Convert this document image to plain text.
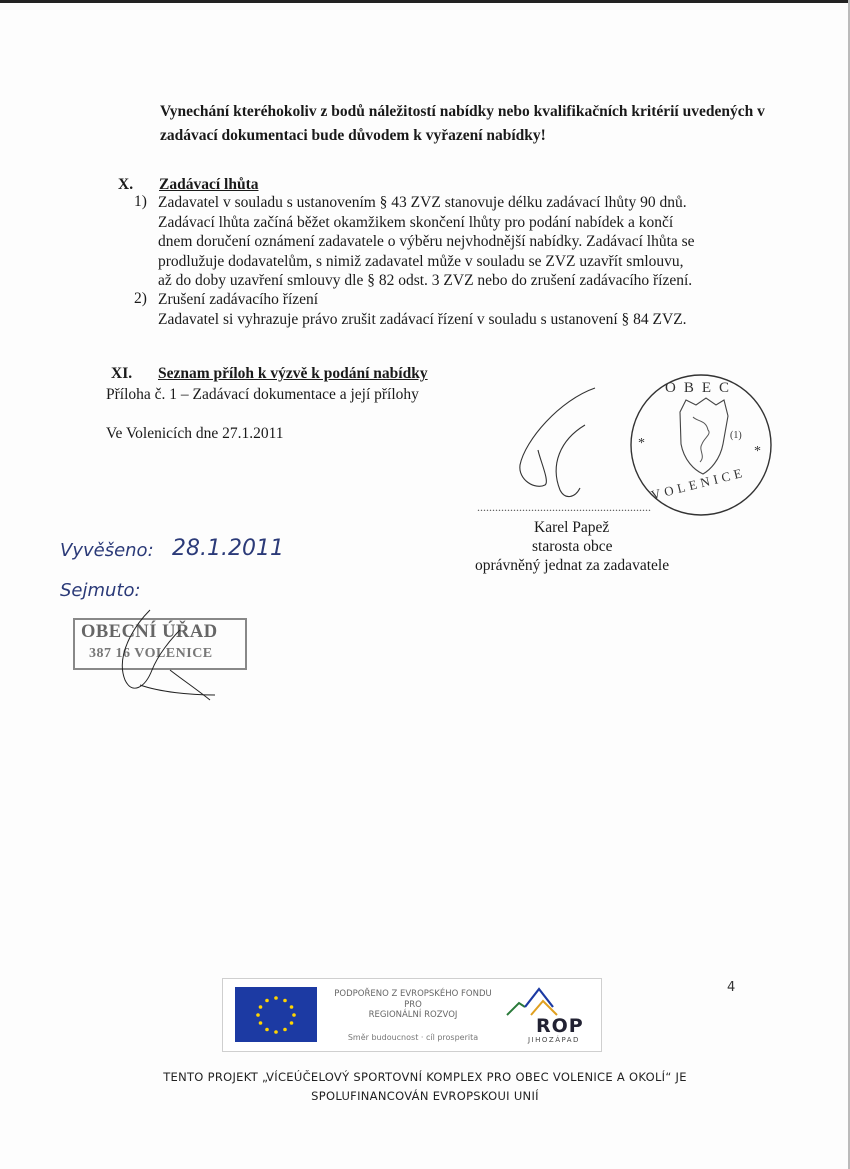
Vynechání kteréhokoliv z bodů náležitostí nabídky nebo kvalifikačních kritérií uvedených v zadávací dokumentaci bude důvodem k vyřazení nabídky!
X. Zadávací lhůta
1) Zadavatel v souladu s ustanovením § 43 ZVZ stanovuje délku zadávací lhůty 90 dnů.
Zadávací lhůta začíná běžet okamžikem skončení lhůty pro podání nabídek a končí
dnem doručení oznámení zadavatele o výběru nejvhodnější nabídky. Zadávací lhůta se
prodlužuje dodavatelům, s nimiž zadavatel může v souladu se ZVZ uzavřít smlouvu,
až do doby uzavření smlouvy dle § 82 odst. 3 ZVZ nebo do zrušení zadávacího řízení.
2) Zrušení zadávacího řízení
Zadavatel si vyhrazuje právo zrušit zadávací řízení v souladu s ustanovení § 84 ZVZ.
XI. Seznam příloh k výzvě k podání nabídky
Příloha č. 1 – Zadávací dokumentace a její přílohy
Ve Volenicích dne 27.1.2011
*
*
OBEC
VOLENICE
(1)
..........................................................
Karel Papež
starosta obce
oprávněný jednat za zadavatele
Vyvěšeno: 28.1.2011
Sejmuto:
OBECNÍ ÚŘAD
387 16 VOLENICE
4
PODPOŘENO Z EVROPSKÉHO FONDU
PRO
REGIONÁLNÍ ROZVOJ
Směr budoucnost · cíl prosperita
ROP
JIHOZÁPAD
TENTO PROJEKT „VÍCEÚČELOVÝ SPORTOVNÍ KOMPLEX PRO OBEC VOLENICE A OKOLÍ“ JE
SPOLUFINANCOVÁN EVROPSKOUI UNIÍ
